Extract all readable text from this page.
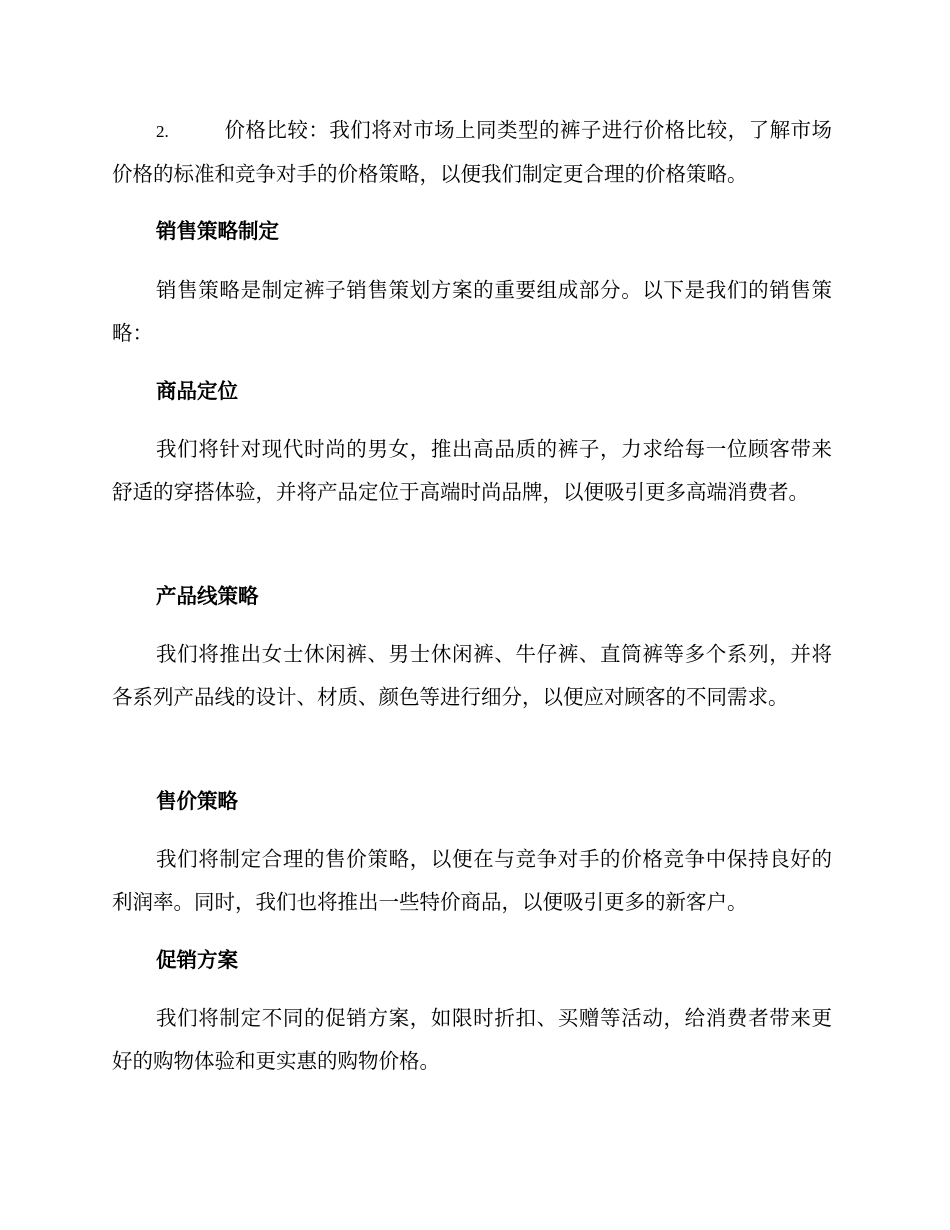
2.	价格比较：我们将对市场上同类型的裤子进行价格比较，了解市场价格的标准和竞争对手的价格策略，以便我们制定更合理的价格策略。

销售策略制定

销售策略是制定裤子销售策划方案的重要组成部分。以下是我们的销售策略：

商品定位

我们将针对现代时尚的男女，推出高品质的裤子，力求给每一位顾客带来舒适的穿搭体验，并将产品定位于高端时尚品牌，以便吸引更多高端消费者。

产品线策略

我们将推出女士休闲裤、男士休闲裤、牛仔裤、直筒裤等多个系列，并将各系列产品线的设计、材质、颜色等进行细分，以便应对顾客的不同需求。

售价策略

我们将制定合理的售价策略，以便在与竞争对手的价格竞争中保持良好的利润率。同时，我们也将推出一些特价商品，以便吸引更多的新客户。

促销方案

我们将制定不同的促销方案，如限时折扣、买赠等活动，给消费者带来更好的购物体验和更实惠的购物价格。
